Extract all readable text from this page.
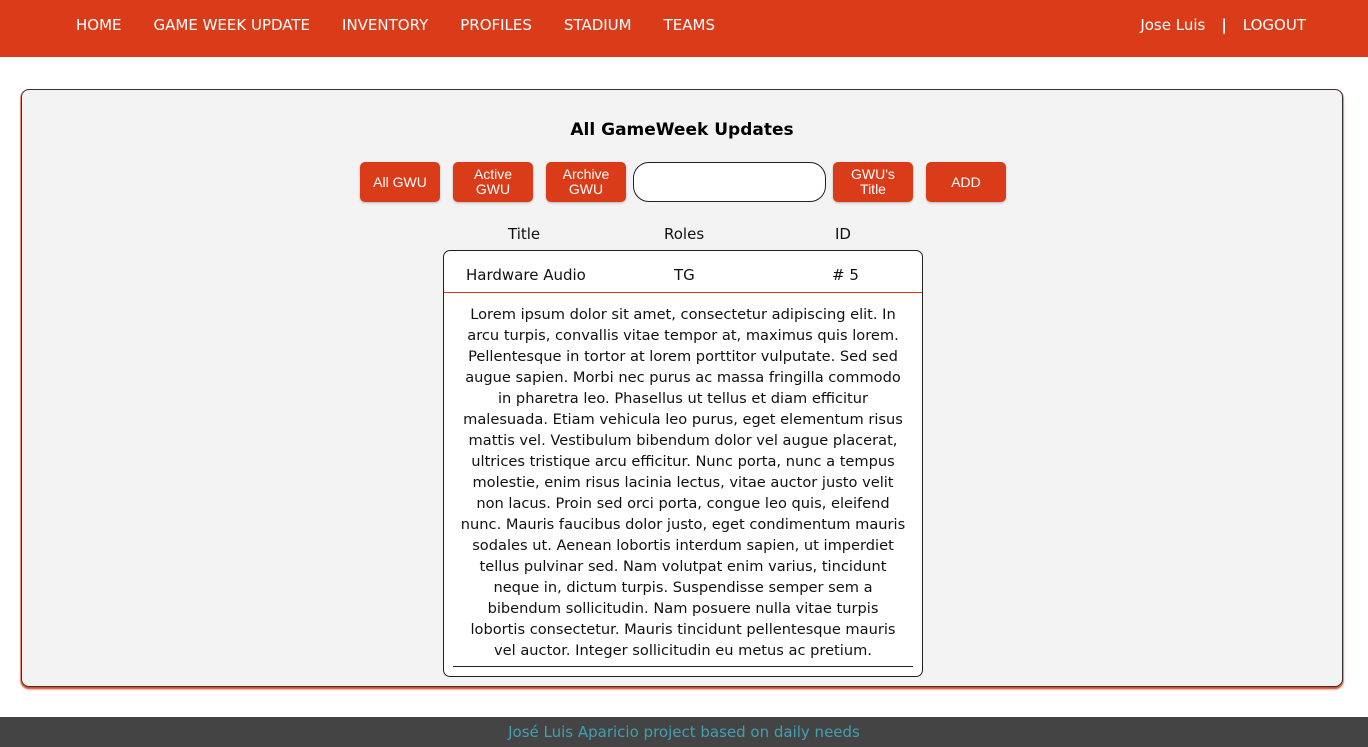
HOME	GAME WEEK UPDATE	INVENTORY	PROFILES	STADIUM	TEAMS	Jose Luis	|	LOGOUT
All GameWeek Updates
All GWU	Active GWU
Archive GWU
GWU's Title	ADD
Title	Roles	ID
Hardware Audio	TG	# 5
Lorem ipsum dolor sit amet, consectetur adipiscing elit. In arcu turpis, convallis vitae tempor at, maximus quis lorem. Pellentesque in tortor at lorem porttitor vulputate. Sed sed augue sapien. Morbi nec purus ac massa fringilla commodo in pharetra leo. Phasellus ut tellus et diam efficitur malesuada. Etiam vehicula leo purus, eget elementum risus mattis vel. Vestibulum bibendum dolor vel augue placerat, ultrices tristique arcu efficitur. Nunc porta, nunc a tempus molestie, enim risus lacinia lectus, vitae auctor justo velit non lacus. Proin sed orci porta, congue leo quis, eleifend nunc. Mauris faucibus dolor justo, eget condimentum mauris sodales ut. Aenean lobortis interdum sapien, ut imperdiet tellus pulvinar sed. Nam volutpat enim varius, tincidunt neque in, dictum turpis. Suspendisse semper sem a bibendum sollicitudin. Nam posuere nulla vitae turpis lobortis consectetur. Mauris tincidunt pellentesque mauris vel auctor. Integer sollicitudin eu metus ac pretium.
José Luis Aparicio project based on daily needs
